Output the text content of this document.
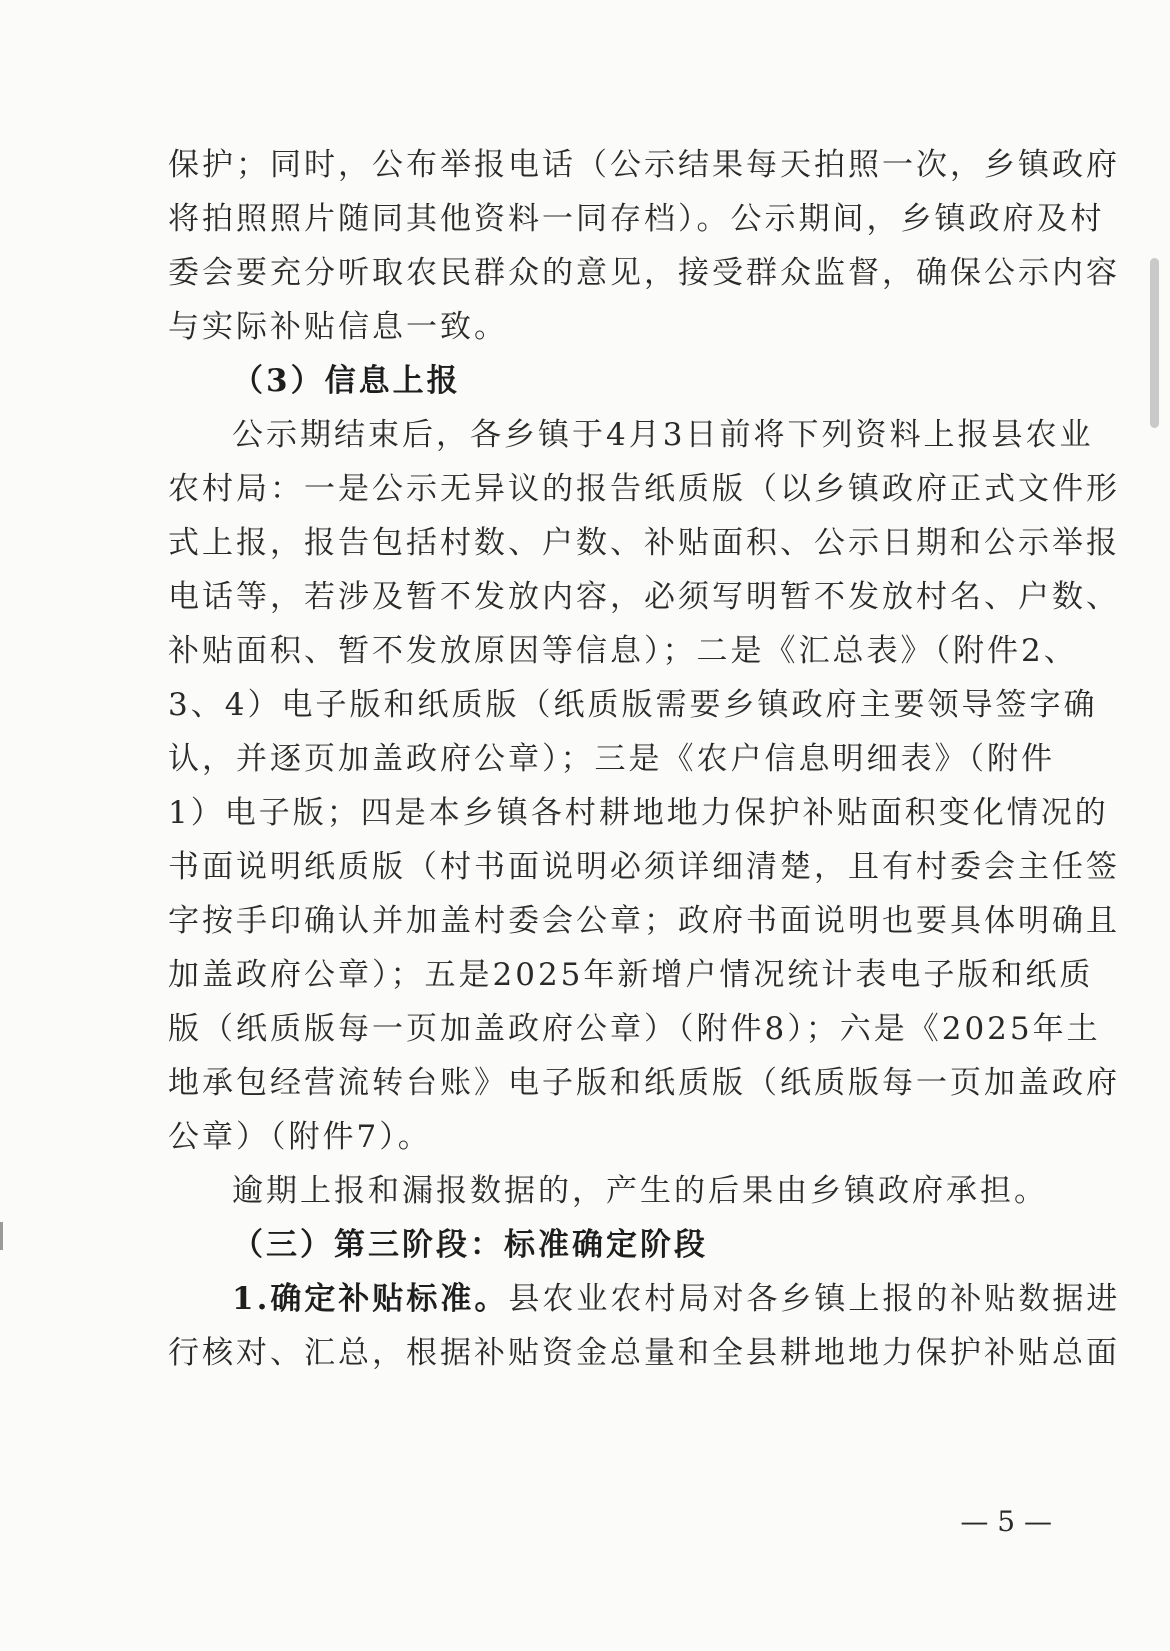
保护；同时，公布举报电话（公示结果每天拍照一次，乡镇政府
将拍照照片随同其他资料一同存档）。公示期间，乡镇政府及村
委会要充分听取农民群众的意见，接受群众监督，确保公示内容
与实际补贴信息一致。
（3）信息上报
公示期结束后，各乡镇于4月3日前将下列资料上报县农业
农村局：一是公示无异议的报告纸质版（以乡镇政府正式文件形
式上报，报告包括村数、户数、补贴面积、公示日期和公示举报
电话等，若涉及暂不发放内容，必须写明暂不发放村名、户数、
补贴面积、暂不发放原因等信息）；二是《汇总表》（附件2、
3、4）电子版和纸质版（纸质版需要乡镇政府主要领导签字确
认，并逐页加盖政府公章）；三是《农户信息明细表》（附件
1）电子版；四是本乡镇各村耕地地力保护补贴面积变化情况的
书面说明纸质版（村书面说明必须详细清楚，且有村委会主任签
字按手印确认并加盖村委会公章；政府书面说明也要具体明确且
加盖政府公章）；五是2025年新增户情况统计表电子版和纸质
版（纸质版每一页加盖政府公章）（附件8）；六是《2025年土
地承包经营流转台账》电子版和纸质版（纸质版每一页加盖政府
公章）（附件7）。
逾期上报和漏报数据的，产生的后果由乡镇政府承担。
（三）第三阶段：标准确定阶段
1.确定补贴标准。县农业农村局对各乡镇上报的补贴数据进
行核对、汇总，根据补贴资金总量和全县耕地地力保护补贴总面
— 5 —
